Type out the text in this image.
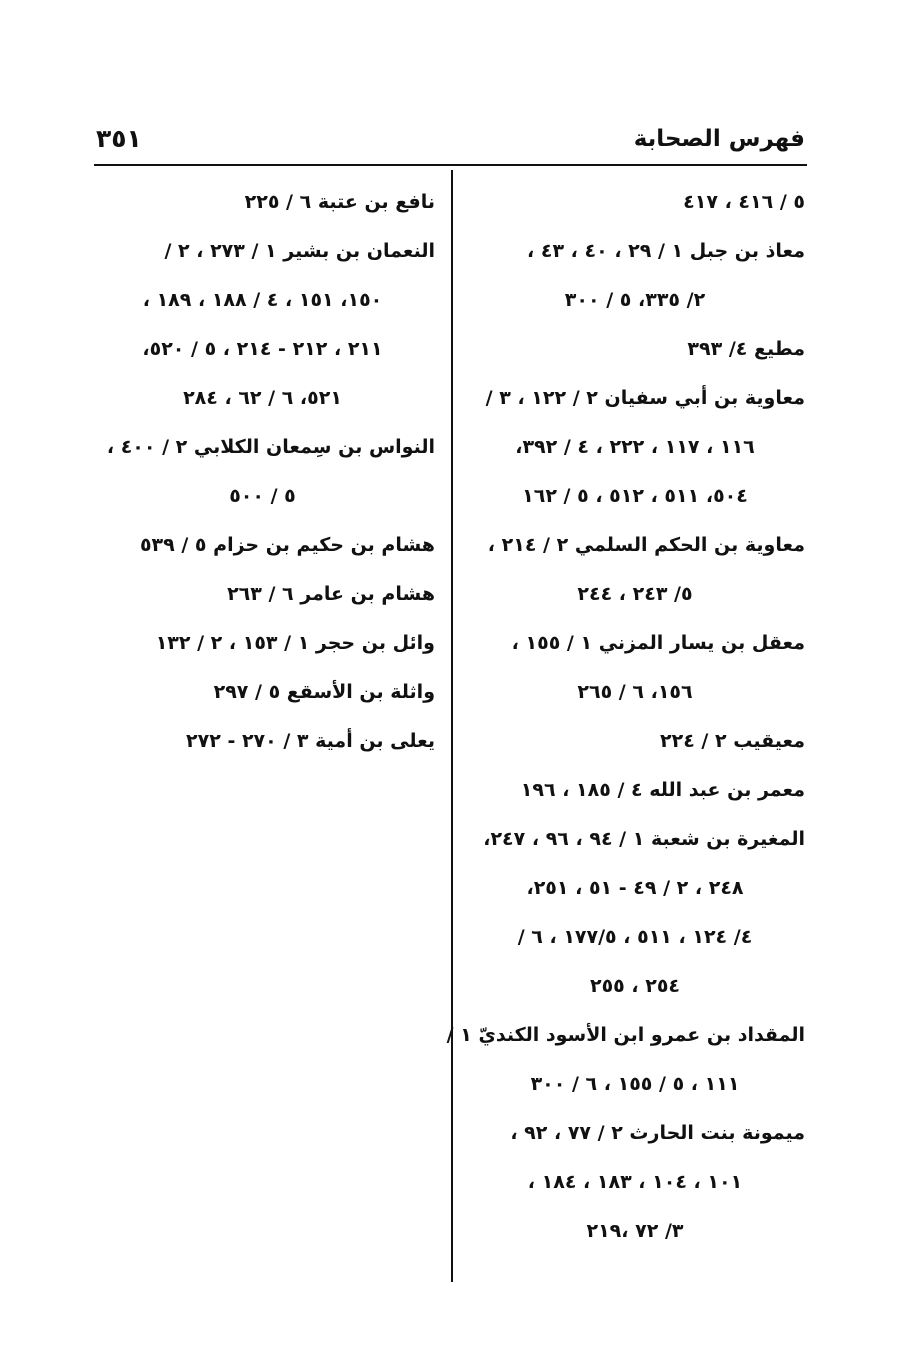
فهرس الصحابة
٣٥١
٥ / ٤١٦ ، ٤١٧
معاذ بن جبل ١ / ٢٩ ، ٤٠ ، ٤٣ ،
٢/ ٣٣٥، ٥ / ٣٠٠
مطيع ٤/ ٣٩٣
معاوية بن أبي سفيان ٢ / ١٢٢ ، ٣ /
١١٦ ، ١١٧ ، ٢٢٢ ، ٤ / ٣٩٢،
٥٠٤، ٥١١ ، ٥١٢ ، ٥ / ١٦٢
معاوية بن الحكم السلمي ٢ / ٢١٤ ،
٥/ ٢٤٣ ، ٢٤٤
معقل بن يسار المزني ١ / ١٥٥ ،
١٥٦، ٦ / ٢٦٥
معيقيب ٢ / ٢٢٤
معمر بن عبد الله ٤ / ١٨٥ ، ١٩٦
المغيرة بن شعبة ١ / ٩٤ ، ٩٦ ، ٢٤٧،
٢٤٨ ، ٢ / ٤٩ - ٥١ ، ٢٥١،
٤/ ١٢٤ ، ٥١١ ، ١٧٧/٥ ، ٦ /
٢٥٤ ، ٢٥٥
المقداد بن عمرو ابن الأسود الكنديّ ١ /
١١١ ، ٥ / ١٥٥ ، ٦ / ٣٠٠
ميمونة بنت الحارث ٢ / ٧٧ ، ٩٢ ،
١٠١ ، ١٠٤ ، ١٨٣ ، ١٨٤ ،
٣/ ٧٢ ،٢١٩
نافع بن عتبة ٦ / ٢٢٥
النعمان بن بشير ١ / ٢٧٣ ، ٢ /
١٥٠، ١٥١ ، ٤ / ١٨٨ ، ١٨٩ ،
٢١١ ، ٢١٢ - ٢١٤ ، ٥ / ٥٢٠،
٥٢١، ٦ / ٦٢ ، ٢٨٤
النواس بن سِمعان الكلابي ٢ / ٤٠٠ ،
٥ / ٥٠٠
هشام بن حكيم بن حزام ٥ / ٥٣٩
هشام بن عامر ٦ / ٢٦٣
وائل بن حجر ١ / ١٥٣ ، ٢ / ١٣٢
واثلة بن الأسقع ٥ / ٢٩٧
يعلى بن أمية ٣ / ٢٧٠ - ٢٧٢
